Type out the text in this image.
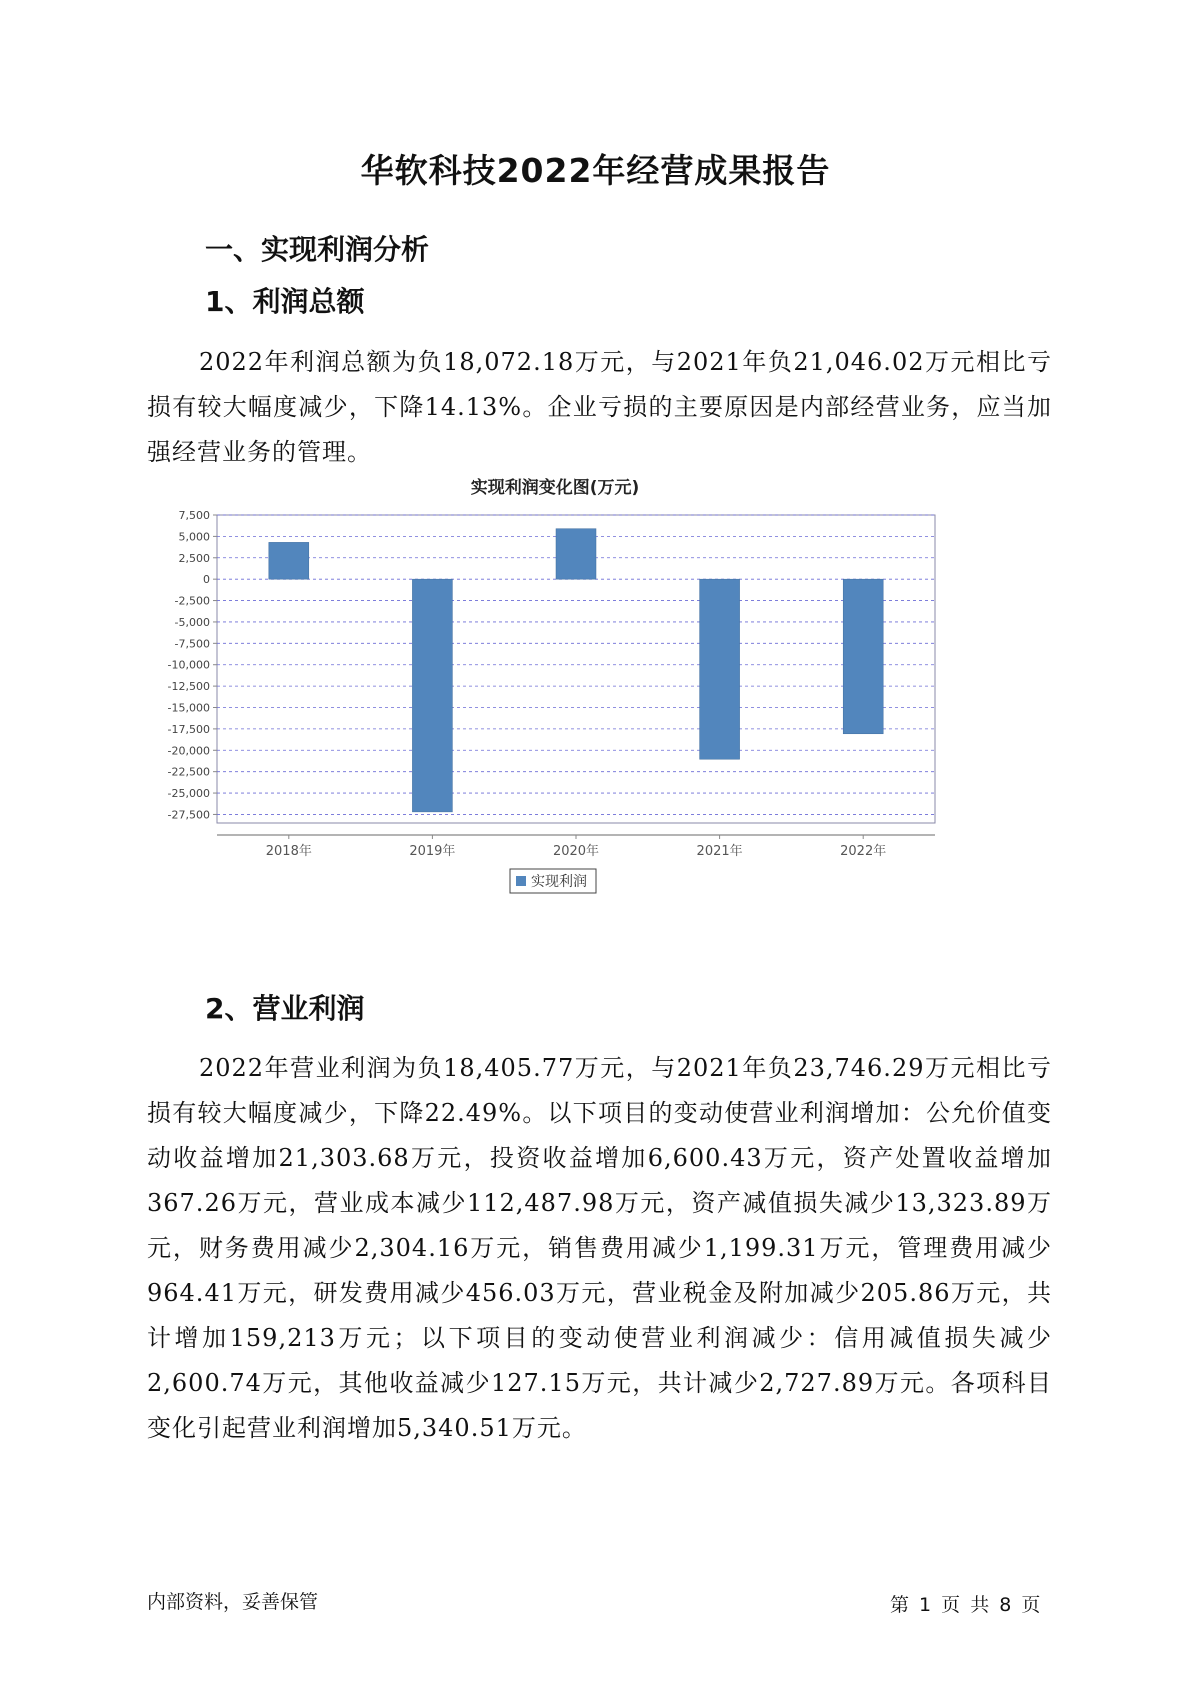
华软科技2022年经营成果报告
一、实现利润分析
1、利润总额

2022年利润总额为负18,072.18万元，与2021年负21,046.02万元相比亏损有较大幅度减少，下降14.13%。企业亏损的主要原因是内部经营业务，应当加强经营业务的管理。

实现利润变化图(万元)
7,500
5,000
2,500
0
-2,500
-5,000
-7,500
-10,000
-12,500
-15,000
-17,500
-20,000
-22,500
-25,000
-27,500
2018年	2019年	2020年	2021年	2022年
实现利润
2、营业利润

2022年营业利润为负18,405.77万元，与2021年负23,746.29万元相比亏损有较大幅度减少，下降22.49%。以下项目的变动使营业利润增加：公允价值变动收益增加21,303.68万元，投资收益增加6,600.43万元，资产处置收益增加367.26万元，营业成本减少112,487.98万元，资产减值损失减少13,323.89万元，财务费用减少2,304.16万元，销售费用减少1,199.31万元，管理费用减少964.41万元，研发费用减少456.03万元，营业税金及附加减少205.86万元，共计增加159,213万元；以下项目的变动使营业利润减少：信用减值损失减少2,600.74万元，其他收益减少127.15万元，共计减少2,727.89万元。各项科目变化引起营业利润增加5,340.51万元。

内部资料，妥善保管	第 1 页 共 8 页
